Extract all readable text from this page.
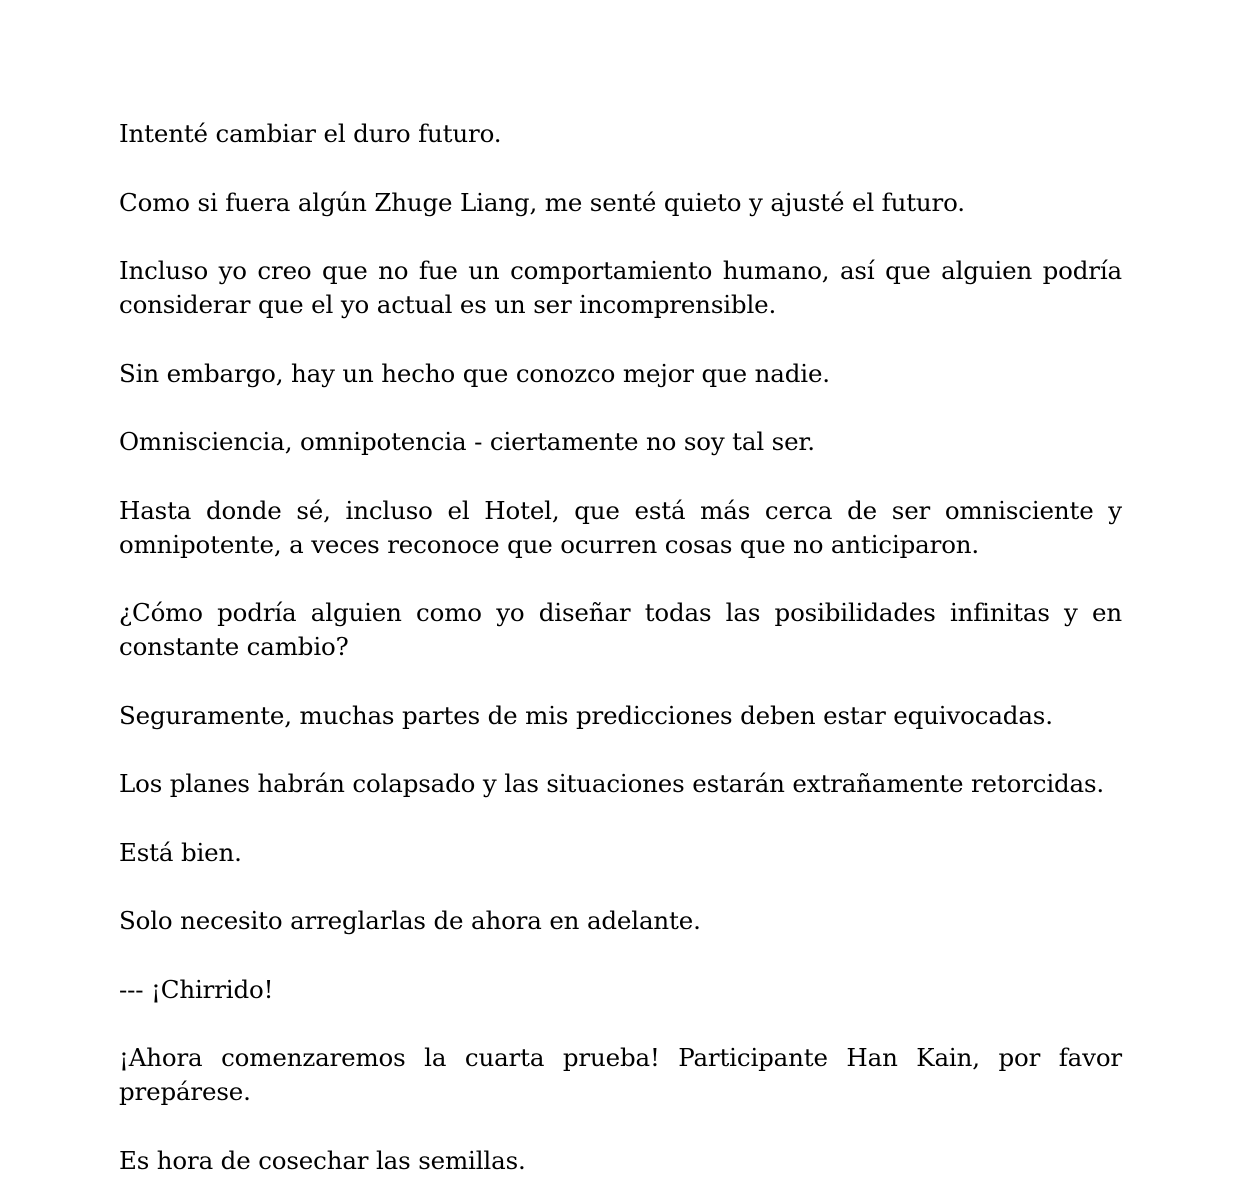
Intenté cambiar el duro futuro.

Como si fuera algún Zhuge Liang, me senté quieto y ajusté el futuro.

Incluso yo creo que no fue un comportamiento humano, así que alguien podría considerar que el yo actual es un ser incomprensible.

Sin embargo, hay un hecho que conozco mejor que nadie.

Omnisciencia, omnipotencia - ciertamente no soy tal ser.

Hasta donde sé, incluso el Hotel, que está más cerca de ser omnisciente y omnipotente, a veces reconoce que ocurren cosas que no anticiparon.

¿Cómo podría alguien como yo diseñar todas las posibilidades infinitas y en constante cambio?

Seguramente, muchas partes de mis predicciones deben estar equivocadas.

Los planes habrán colapsado y las situaciones estarán extrañamente retorcidas.

Está bien.

Solo necesito arreglarlas de ahora en adelante.

--- ¡Chirrido!

¡Ahora comenzaremos la cuarta prueba! Participante Han Kain, por favor prepárese.

Es hora de cosechar las semillas.
